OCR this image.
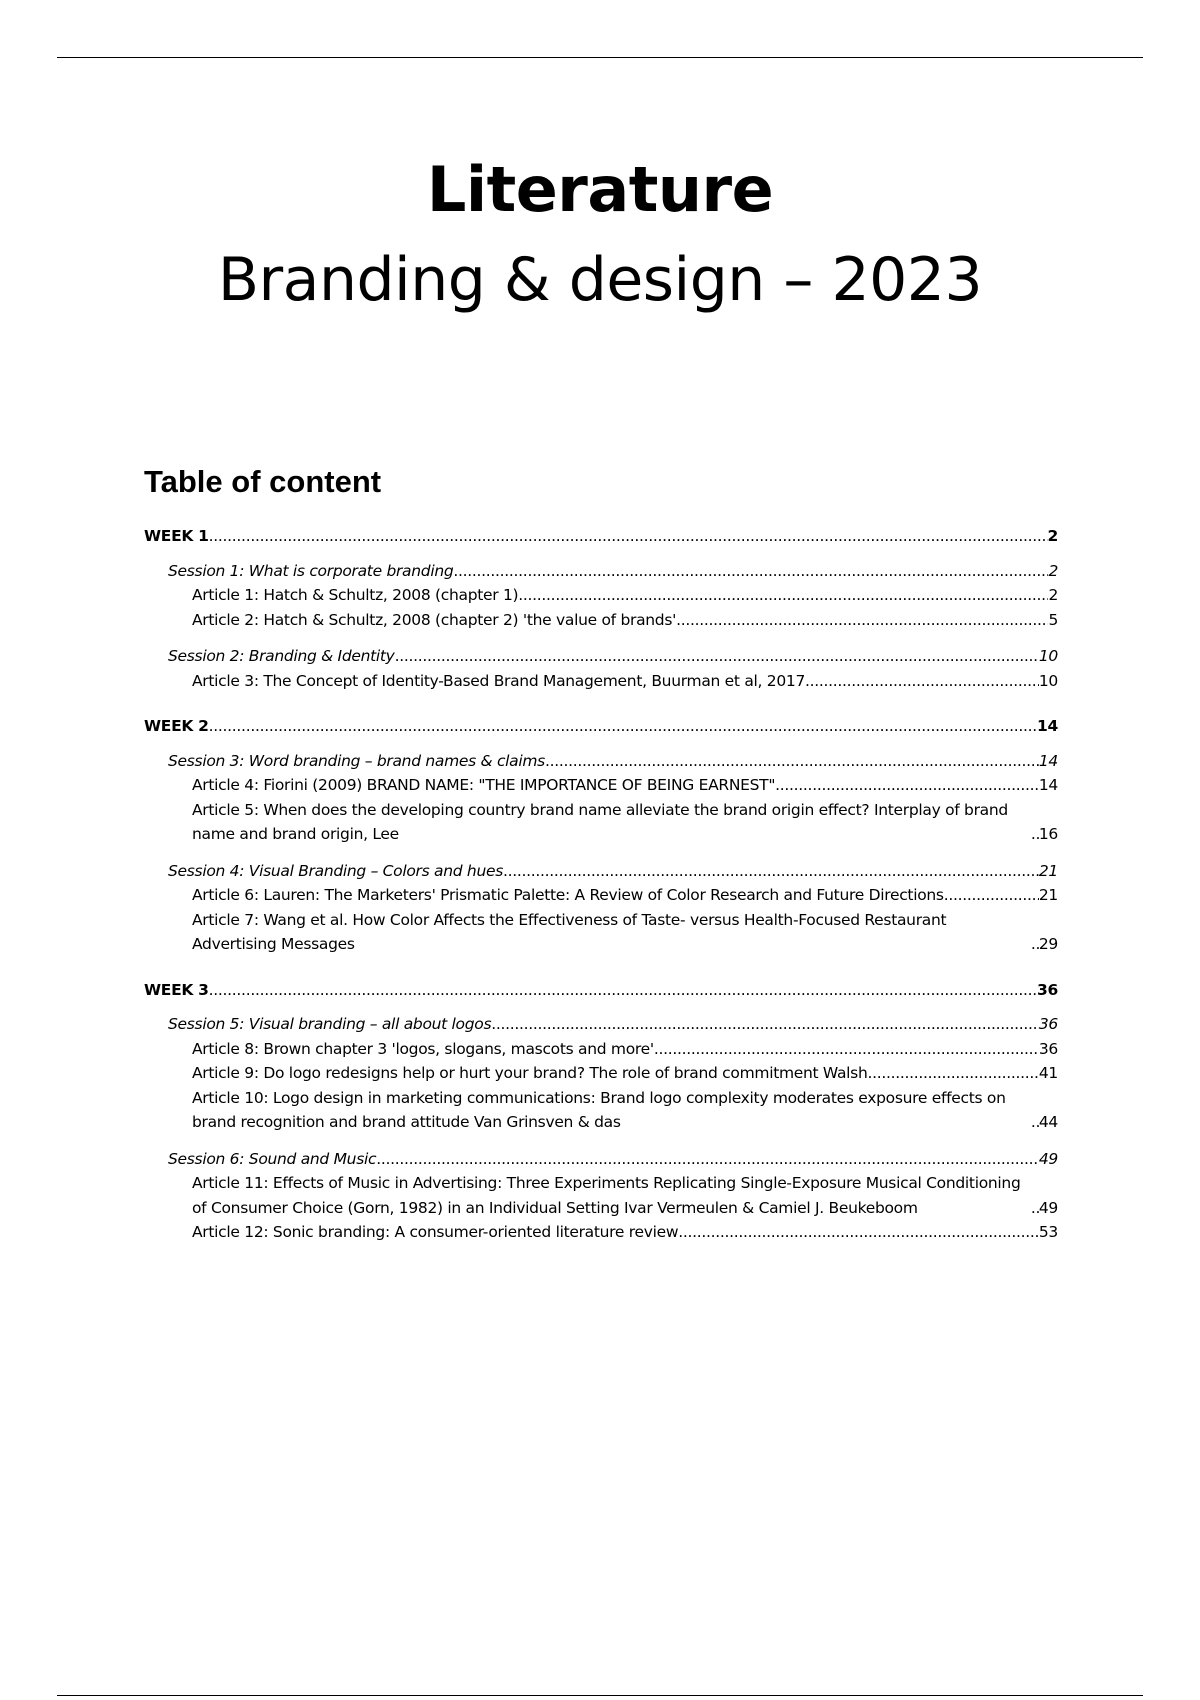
Literature
Branding & design – 2023
Table of content
WEEK 1 .....	2
Session 1: What is corporate branding .....	2
Article 1: Hatch & Schultz, 2008 (chapter 1) .....	2
Article 2: Hatch & Schultz, 2008 (chapter 2) 'the value of brands' .....	5
Session 2: Branding & Identity .....	10
Article 3: The Concept of Identity-Based Brand Management, Buurman et al, 2017 .....	10
WEEK 2 .....	14
Session 3: Word branding – brand names & claims .....	14
Article 4: Fiorini (2009) BRAND NAME: "THE IMPORTANCE OF BEING EARNEST" .....	14
Article 5: When does the developing country brand name alleviate the brand origin effect? Interplay of brand name and brand origin, Lee .....	16
Session 4: Visual Branding – Colors and hues .....	21
Article 6: Lauren: The Marketers' Prismatic Palette: A Review of Color Research and Future Directions .....	21
Article 7: Wang et al. How Color Affects the Effectiveness of Taste- versus Health-Focused Restaurant Advertising Messages .....	29
WEEK 3 .....	36
Session 5: Visual branding – all about logos .....	36
Article 8: Brown chapter 3 'logos, slogans, mascots and more' .....	36
Article 9: Do logo redesigns help or hurt your brand? The role of brand commitment Walsh .....	41
Article 10: Logo design in marketing communications: Brand logo complexity moderates exposure effects on brand recognition and brand attitude Van Grinsven & das .....	44
Session 6: Sound and Music .....	49
Article 11: Effects of Music in Advertising: Three Experiments Replicating Single-Exposure Musical Conditioning of Consumer Choice (Gorn, 1982) in an Individual Setting Ivar Vermeulen & Camiel J. Beukeboom .....	49
Article 12: Sonic branding: A consumer-oriented literature review .....	53
